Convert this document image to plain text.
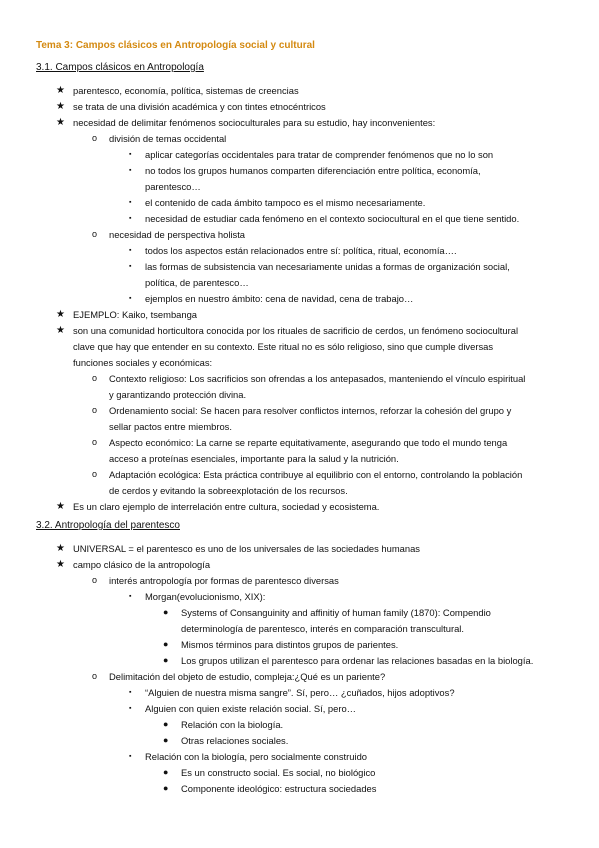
Tema 3: Campos clásicos en Antropología social y cultural
3.1. Campos clásicos en Antropología
★ parentesco, economía, política, sistemas de creencias
★ se trata de una división académica y con tintes etnocéntricos
★ necesidad de delimitar fenómenos socioculturales para su estudio, hay inconvenientes:
o división de temas occidental
▪ aplicar categorías occidentales para tratar de comprender fenómenos que no lo son
▪ no todos los grupos humanos comparten diferenciación entre política, economía,
parentesco…
▪ el contenido de cada ámbito tampoco es el mismo necesariamente.
▪ necesidad de estudiar cada fenómeno en el contexto sociocultural en el que tiene sentido.
o necesidad de perspectiva holista
▪ todos los aspectos están relacionados entre sí: política, ritual, economía….
▪ las formas de subsistencia van necesariamente unidas a formas de organización social,
política, de parentesco…
▪ ejemplos en nuestro ámbito: cena de navidad, cena de trabajo…
★ EJEMPLO: Kaiko, tsembanga
★ son una comunidad horticultora conocida por los rituales de sacrificio de cerdos, un fenómeno sociocultural
clave que hay que entender en su contexto. Este ritual no es sólo religioso, sino que cumple diversas
funciones sociales y económicas:
o Contexto religioso: Los sacrificios son ofrendas a los antepasados, manteniendo el vínculo espiritual
y garantizando protección divina.
o Ordenamiento social: Se hacen para resolver conflictos internos, reforzar la cohesión del grupo y
sellar pactos entre miembros.
o Aspecto económico: La carne se reparte equitativamente, asegurando que todo el mundo tenga
acceso a proteínas esenciales, importante para la salud y la nutrición.
o Adaptación ecológica: Esta práctica contribuye al equilibrio con el entorno, controlando la población
de cerdos y evitando la sobreexplotación de los recursos.
★ Es un claro ejemplo de interrelación entre cultura, sociedad y ecosistema.
3.2. Antropología del parentesco
★ UNIVERSAL = el parentesco es uno de los universales de las sociedades humanas
★ campo clásico de la antropología
o interés antropología por formas de parentesco diversas
▪ Morgan(evolucionismo, XIX):
● Systems of Consanguinity and affinitiy of human family (1870): Compendio
determinología de parentesco, interés en comparación transcultural.
● Mismos términos para distintos grupos de parientes.
● Los grupos utilizan el parentesco para ordenar las relaciones basadas en la biología.
o Delimitación del objeto de estudio, compleja:¿Qué es un pariente?
▪ “Alguien de nuestra misma sangre”. Sí, pero… ¿cuñados, hijos adoptivos?
▪ Alguien con quien existe relación social. Sí, pero…
● Relación con la biología.
● Otras relaciones sociales.
▪ Relación con la biología, pero socialmente construido
● Es un constructo social. Es social, no biológico
● Componente ideológico: estructura sociedades
